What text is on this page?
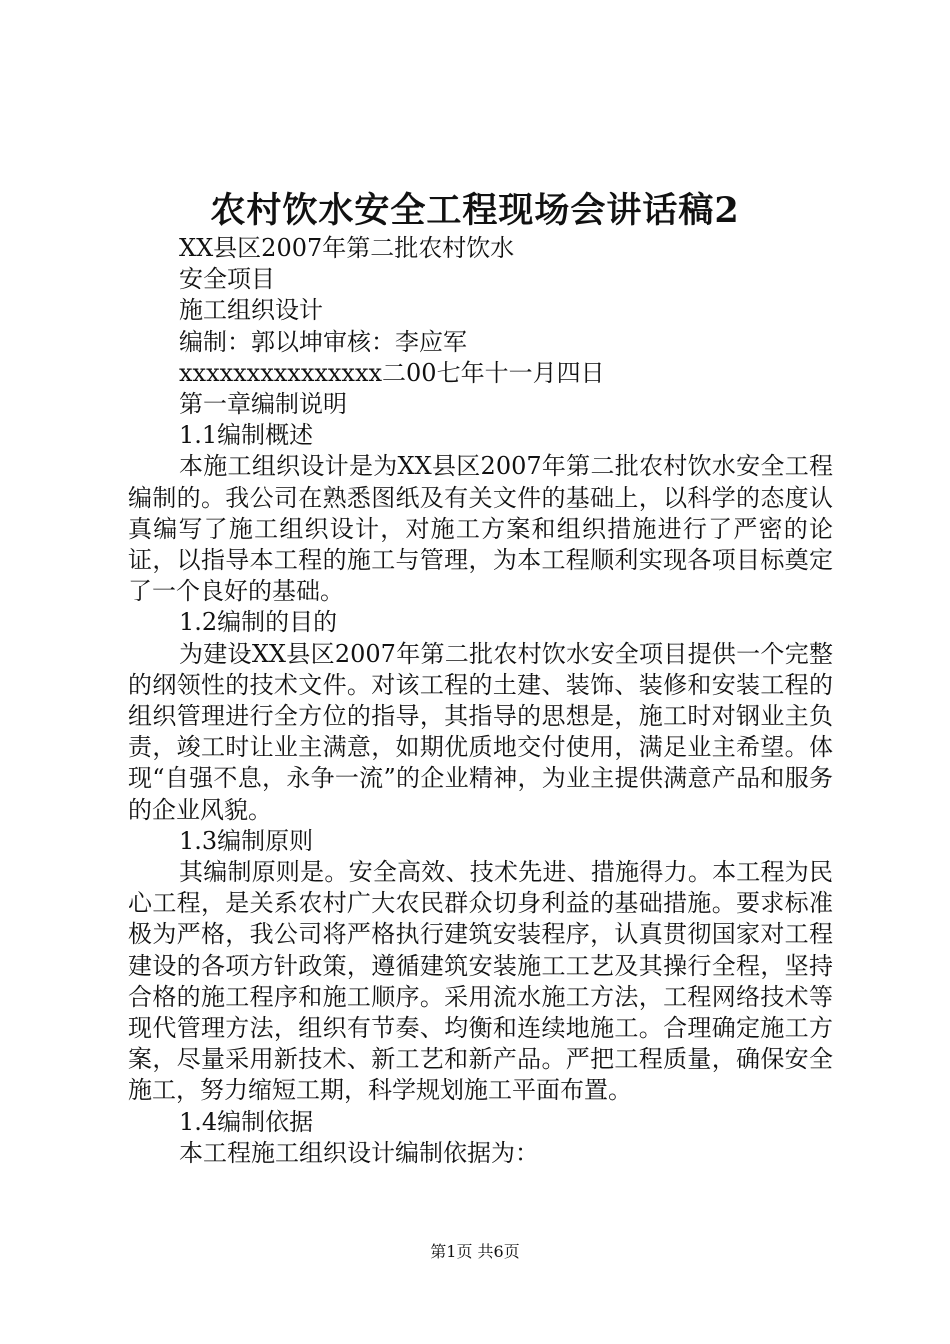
农村饮水安全工程现场会讲话稿2
XX县区2007年第二批农村饮水
安全项目
施工组织设计
编制：郭以坤审核：李应军
xxxxxxxxxxxxxxx二00七年十一月四日
第一章编制说明
1.1编制概述

本施工组织设计是为XX县区2007年第二批农村饮水安全工程编制的。我公司在熟悉图纸及有关文件的基础上，以科学的态度认真编写了施工组织设计，对施工方案和组织措施进行了严密的论证，以指导本工程的施工与管理，为本工程顺利实现各项目标奠定了一个良好的基础。

1.2编制的目的

为建设XX县区2007年第二批农村饮水安全项目提供一个完整的纲领性的技术文件。对该工程的土建、装饰、装修和安装工程的组织管理进行全方位的指导，其指导的思想是，施工时对钢业主负责，竣工时让业主满意，如期优质地交付使用，满足业主希望。体现“自强不息，永争一流”的企业精神，为业主提供满意产品和服务的企业风貌。

1.3编制原则

其编制原则是。安全高效、技术先进、措施得力。本工程为民心工程，是关系农村广大农民群众切身利益的基础措施。要求标准极为严格，我公司将严格执行建筑安装程序，认真贯彻国家对工程建设的各项方针政策，遵循建筑安装施工工艺及其操行全程，坚持合格的施工程序和施工顺序。采用流水施工方法，工程网络技术等现代管理方法，组织有节奏、均衡和连续地施工。合理确定施工方案，尽量采用新技术、新工艺和新产品。严把工程质量，确保安全施工，努力缩短工期，科学规划施工平面布置。

1.4编制依据

本工程施工组织设计编制依据为：

第1页 共6页
